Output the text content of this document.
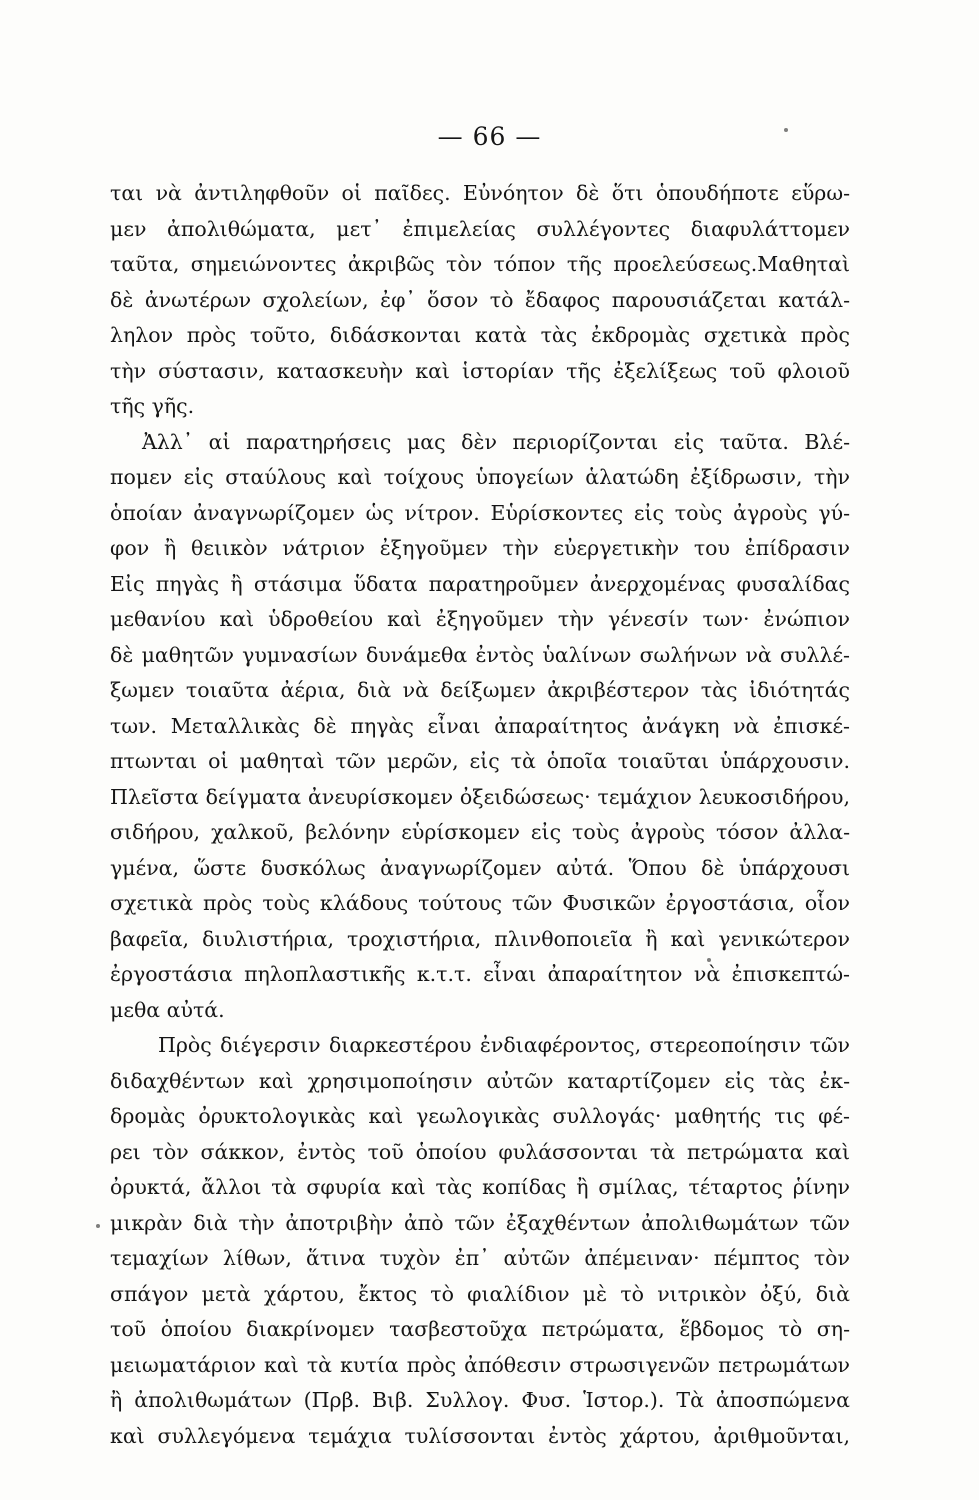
— 66 —
ται νὰ ἀντιληφθοῦν οἱ παῖδες. Εὐνόητον δὲ ὅτι ὁπουδήποτε εὕρω-
μεν ἀπολιθώματα, μετ᾽ ἐπιμελείας συλλέγοντες διαφυλάττομεν
ταῦτα, σημειώνοντες ἀκριβῶς τὸν τόπον τῆς προελεύσεως.Μαθηταὶ
δὲ ἀνωτέρων σχολείων, ἐφ᾽ ὅσον τὸ ἔδαφος παρουσιάζεται κατάλ-
ληλον πρὸς τοῦτο, διδάσκονται κατὰ τὰς ἐκδρομὰς σχετικὰ πρὸς
τὴν σύστασιν, κατασκευὴν καὶ ἱστορίαν τῆς ἐξελίξεως τοῦ φλοιοῦ
τῆς γῆς.
Ἀλλ᾽ αἱ παρατηρήσεις μας δὲν περιορίζονται εἰς ταῦτα. Βλέ-
πομεν εἰς σταύλους καὶ τοίχους ὑπογείων ἁλατώδη ἐξίδρωσιν, τὴν
ὁποίαν ἀναγνωρίζομεν ὡς νίτρον. Εὑρίσκοντες εἰς τοὺς ἀγροὺς γύ-
φον ἢ θειικὸν νάτριον ἐξηγοῦμεν τὴν εὐεργετικὴν του ἐπίδρασιν
Εἰς πηγὰς ἢ στάσιμα ὕδατα παρατηροῦμεν ἀνερχομένας φυσαλίδας
μεθανίου καὶ ὑδροθείου καὶ ἐξηγοῦμεν τὴν γένεσίν των· ἐνώπιον
δὲ μαθητῶν γυμνασίων δυνάμεθα ἐντὸς ὑαλίνων σωλήνων νὰ συλλέ-
ξωμεν τοιαῦτα ἀέρια, διὰ νὰ δείξωμεν ἀκριβέστερον τὰς ἰδιότητάς
των. Μεταλλικὰς δὲ πηγὰς εἶναι ἀπαραίτητος ἀνάγκη νὰ ἐπισκέ-
πτωνται οἱ μαθηταὶ τῶν μερῶν, εἰς τὰ ὁποῖα τοιαῦται ὑπάρχουσιν.
Πλεῖστα δείγματα ἀνευρίσκομεν ὀξειδώσεως· τεμάχιον λευκοσιδήρου,
σιδήρου, χαλκοῦ, βελόνην εὑρίσκομεν εἰς τοὺς ἀγροὺς τόσον ἀλλα-
γμένα, ὥστε δυσκόλως ἀναγνωρίζομεν αὐτά. Ὅπου δὲ ὑπάρχουσι
σχετικὰ πρὸς τοὺς κλάδους τούτους τῶν Φυσικῶν ἐργοστάσια, οἷον
βαφεῖα, διυλιστήρια, τροχιστήρια, πλινθοποιεῖα ἢ καὶ γενικώτερον
ἐργοστάσια πηλοπλαστικῆς κ.τ.τ. εἶναι ἀπαραίτητον νὰ ἐπισκεπτώ-
μεθα αὐτά.
Πρὸς διέγερσιν διαρκεστέρου ἐνδιαφέροντος, στερεοποίησιν τῶν
διδαχθέντων καὶ χρησιμοποίησιν αὐτῶν καταρτίζομεν εἰς τὰς ἐκ-
δρομὰς ὀρυκτολογικὰς καὶ γεωλογικὰς συλλογάς· μαθητής τις φέ-
ρει τὸν σάκκον, ἐντὸς τοῦ ὁποίου φυλάσσονται τὰ πετρώματα καὶ
ὀρυκτά, ἄλλοι τὰ σφυρία καὶ τὰς κοπίδας ἢ σμίλας, τέταρτος ῥίνην
μικρὰν διὰ τὴν ἀποτριβὴν ἀπὸ τῶν ἐξαχθέντων ἀπολιθωμάτων τῶν
τεμαχίων λίθων, ἅτινα τυχὸν ἐπ᾽ αὐτῶν ἀπέμειναν· πέμπτος τὸν
σπάγον μετὰ χάρτου, ἔκτος τὸ φιαλίδιον μὲ τὸ νιτρικὸν ὀξύ, διὰ
τοῦ ὁποίου διακρίνομεν τασβεστοῦχα πετρώματα, ἕβδομος τὸ ση-
μειωματάριον καὶ τὰ κυτία πρὸς ἀπόθεσιν στρωσιγενῶν πετρωμάτων
ἢ ἀπολιθωμάτων (Πρβ. Βιβ. Συλλογ. Φυσ. Ἱστορ.). Τὰ ἀποσπώμενα
καὶ συλλεγόμενα τεμάχια τυλίσσονται ἐντὸς χάρτου, ἀριθμοῦνται,
